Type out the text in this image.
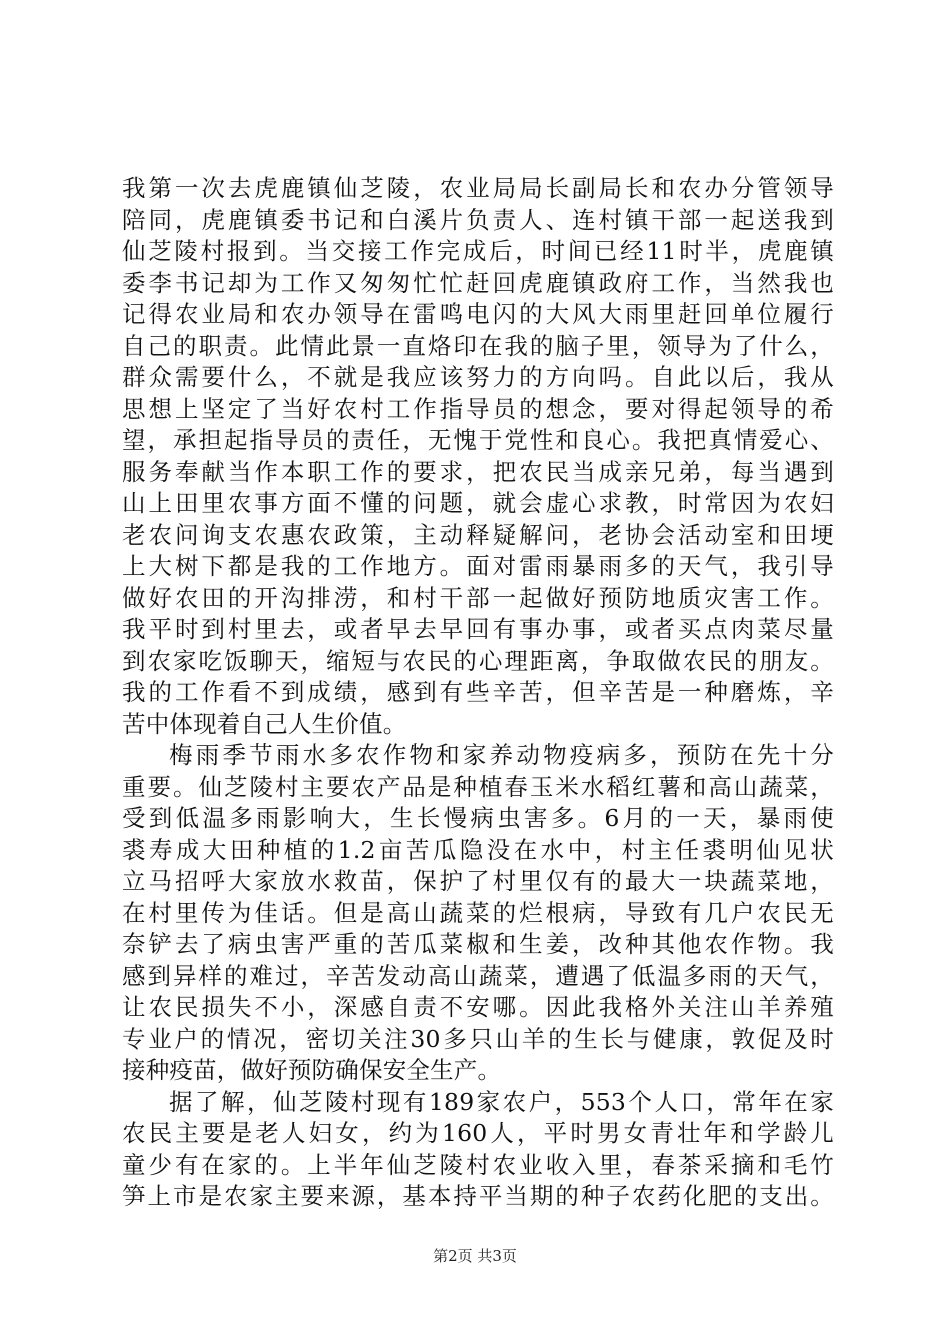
我第一次去虎鹿镇仙芝陵，农业局局长副局长和农办分管领导
陪同，虎鹿镇委书记和白溪片负责人、连村镇干部一起送我到
仙芝陵村报到。当交接工作完成后，时间已经11时半，虎鹿镇
委李书记却为工作又匆匆忙忙赶回虎鹿镇政府工作，当然我也
记得农业局和农办领导在雷鸣电闪的大风大雨里赶回单位履行
自己的职责。此情此景一直烙印在我的脑子里，领导为了什么，
群众需要什么，不就是我应该努力的方向吗。自此以后，我从
思想上坚定了当好农村工作指导员的想念，要对得起领导的希
望，承担起指导员的责任，无愧于党性和良心。我把真情爱心、
服务奉献当作本职工作的要求，把农民当成亲兄弟，每当遇到
山上田里农事方面不懂的问题，就会虚心求教，时常因为农妇
老农问询支农惠农政策，主动释疑解问，老协会活动室和田埂
上大树下都是我的工作地方。面对雷雨暴雨多的天气，我引导
做好农田的开沟排涝，和村干部一起做好预防地质灾害工作。
我平时到村里去，或者早去早回有事办事，或者买点肉菜尽量
到农家吃饭聊天，缩短与农民的心理距离，争取做农民的朋友。
我的工作看不到成绩，感到有些辛苦，但辛苦是一种磨炼，辛
苦中体现着自己人生价值。
梅雨季节雨水多农作物和家养动物疫病多，预防在先十分
重要。仙芝陵村主要农产品是种植春玉米水稻红薯和高山蔬菜，
受到低温多雨影响大，生长慢病虫害多。6月的一天，暴雨使
裘寿成大田种植的1.2亩苦瓜隐没在水中，村主任裘明仙见状
立马招呼大家放水救苗，保护了村里仅有的最大一块蔬菜地，
在村里传为佳话。但是高山蔬菜的烂根病，导致有几户农民无
奈铲去了病虫害严重的苦瓜菜椒和生姜，改种其他农作物。我
感到异样的难过，辛苦发动高山蔬菜，遭遇了低温多雨的天气，
让农民损失不小，深感自责不安哪。因此我格外关注山羊养殖
专业户的情况，密切关注30多只山羊的生长与健康，敦促及时
接种疫苗，做好预防确保安全生产。
据了解，仙芝陵村现有189家农户，553个人口，常年在家
农民主要是老人妇女，约为160人，平时男女青壮年和学龄儿
童少有在家的。上半年仙芝陵村农业收入里，春茶采摘和毛竹
笋上市是农家主要来源，基本持平当期的种子农药化肥的支出。
第2页 共3页
